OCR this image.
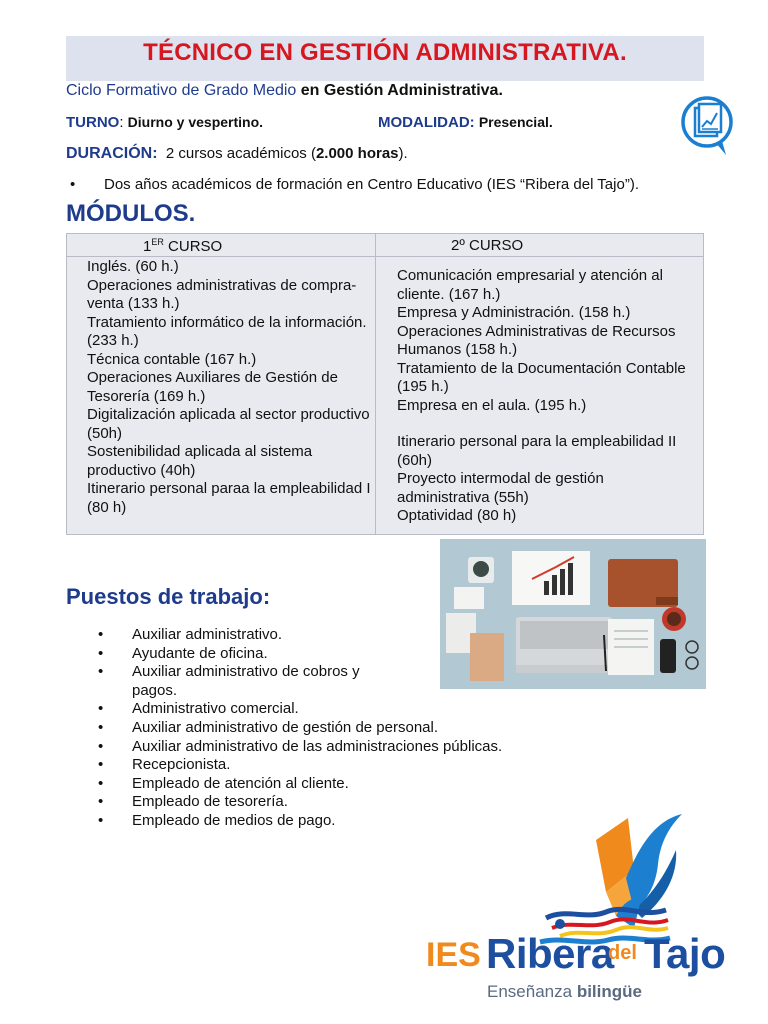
TÉCNICO EN GESTIÓN ADMINISTRATIVA.
Ciclo Formativo de Grado Medio en Gestión Administrativa.
TURNO: Diurno y vespertino.	MODALIDAD: Presencial.
DURACIÓN: 2 cursos académicos (2.000 horas).
• Dos años académicos de formación en Centro Educativo (IES “Ribera del Tajo”).
MÓDULOS.
1ER CURSO	2º CURSO
Inglés. (60 h.)
Operaciones administrativas de compra-venta (133 h.)
Tratamiento informático de la información. (233 h.)
Técnica contable (167 h.)
Operaciones Auxiliares de Gestión de Tesorería (169 h.)
Digitalización aplicada al sector productivo (50h)
Sostenibilidad aplicada al sistema productivo (40h)
Itinerario personal paraa la empleabilidad I (80 h)
Comunicación empresarial y atención al cliente. (167 h.)
Empresa y Administración. (158 h.)
Operaciones Administrativas de Recursos Humanos (158 h.)
Tratamiento de la Documentación Contable (195 h.)
Empresa en el aula. (195 h.)
Itinerario personal para la empleabilidad II (60h)
Proyecto intermodal de gestión administrativa (55h)
Optatividad (80 h)
Puestos de trabajo:
• Auxiliar administrativo.
• Ayudante de oficina.
• Auxiliar administrativo de cobros y pagos.
• Administrativo comercial.
• Auxiliar administrativo de gestión de personal.
• Auxiliar administrativo de las administraciones públicas.
• Recepcionista.
• Empleado de atención al cliente.
• Empleado de tesorería.
• Empleado de medios de pago.
IES Ribera
del Tajo
Enseñanza bilingüe
